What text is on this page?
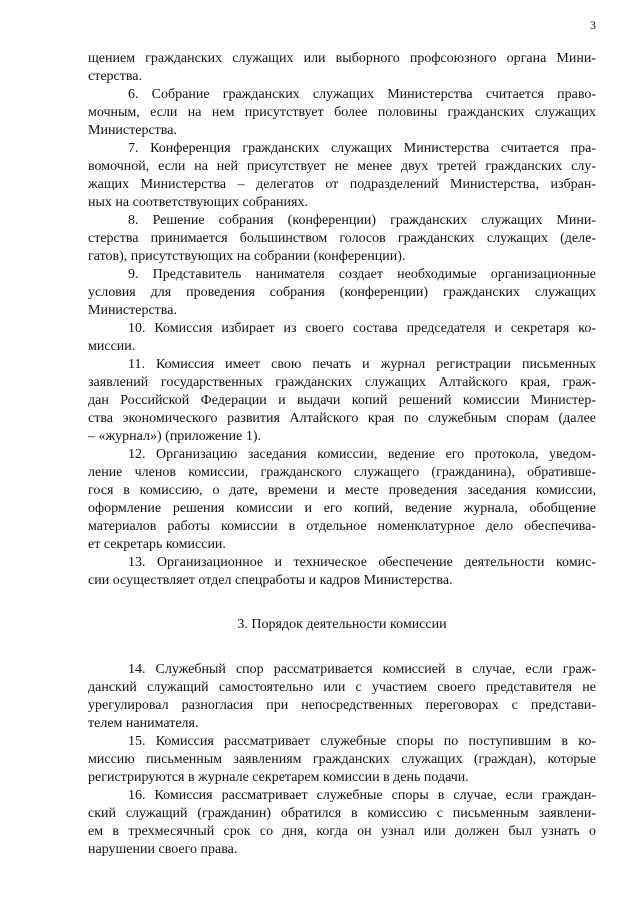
3
щением гражданских служащих или выборного профсоюзного органа Мини-
стерства.
6. Собрание гражданских служащих Министерства считается право-
мочным, если на нем присутствует более половины гражданских служащих
Министерства.
7. Конференция гражданских служащих Министерства считается пра-
вомочной, если на ней присутствует не менее двух третей гражданских слу-
жащих Министерства – делегатов от подразделений Министерства, избран-
ных на соответствующих собраниях.
8. Решение собрания (конференции) гражданских служащих Мини-
стерства принимается большинством голосов гражданских служащих (деле-
гатов), присутствующих на собрании (конференции).
9. Представитель нанимателя создает необходимые организационные
условия для проведения собрания (конференции) гражданских служащих
Министерства.
10. Комиссия избирает из своего состава председателя и секретаря ко-
миссии.
11. Комиссия имеет свою печать и журнал регистрации письменных
заявлений государственных гражданских служащих Алтайского края, граж-
дан Российской Федерации и выдачи копий решений комиссии Министер-
ства экономического развития Алтайского края по служебным спорам (далее
– «журнал») (приложение 1).
12. Организацию заседания комиссии, ведение его протокола, уведом-
ление членов комиссии, гражданского служащего (гражданина), обративше-
гося в комиссию, о дате, времени и месте проведения заседания комиссии,
оформление решения комиссии и его копий, ведение журнала, обобщение
материалов работы комиссии в отдельное номенклатурное дело обеспечива-
ет секретарь комиссии.
13. Организационное и техническое обеспечение деятельности комис-
сии осуществляет отдел спецработы и кадров Министерства.
3. Порядок деятельности комиссии
14. Служебный спор рассматривается комиссией в случае, если граж-
данский служащий самостоятельно или с участием своего представителя не
урегулировал разногласия при непосредственных переговорах с представи-
телем нанимателя.
15. Комиссия рассматривает служебные споры по поступившим в ко-
миссию письменным заявлениям гражданских служащих (граждан), которые
регистрируются в журнале секретарем комиссии в день подачи.
16. Комиссия рассматривает служебные споры в случае, если граждан-
ский служащий (гражданин) обратился в комиссию с письменным заявлени-
ем в трехмесячный срок со дня, когда он узнал или должен был узнать о
нарушении своего права.
